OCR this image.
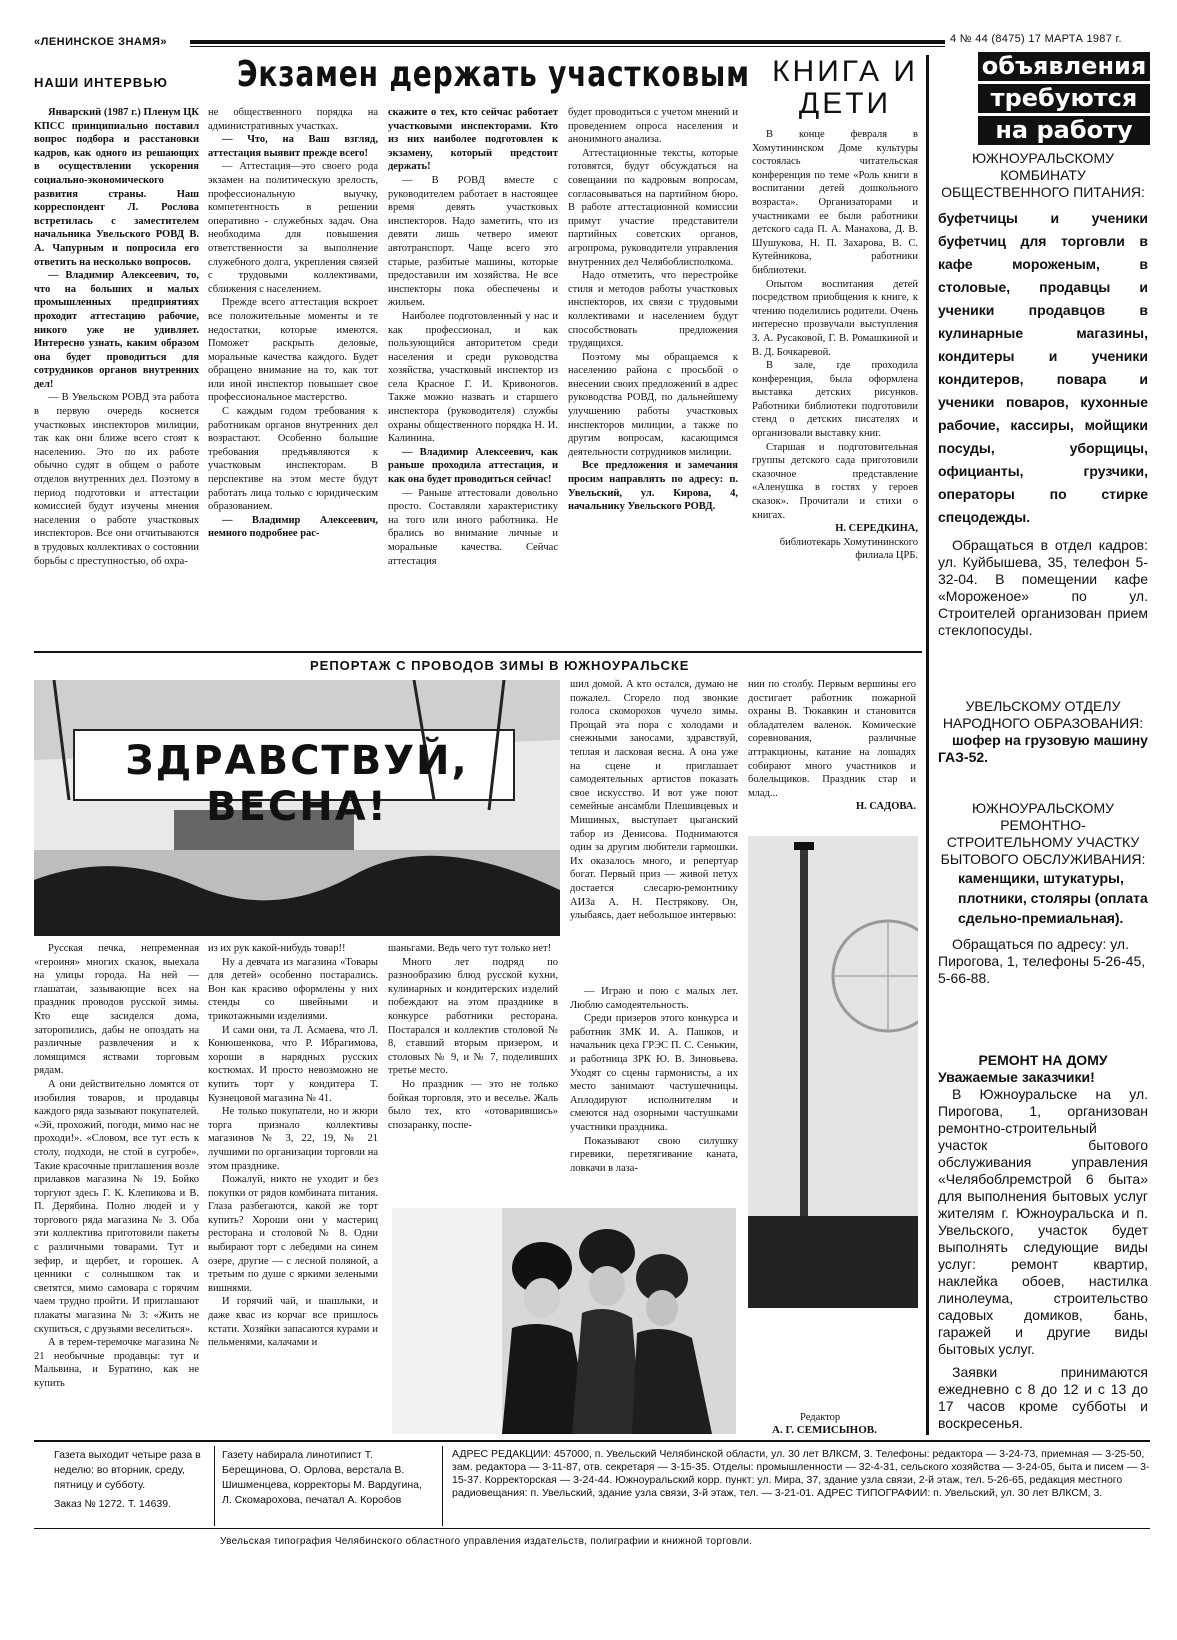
«ЛЕНИНСКОЕ ЗНАМЯ»	4 № 44 (8475) 17 МАРТА 1987 г.
НАШИ ИНТЕРВЬЮ Экзамен держать участковым

Январский (1987 г.) Пленум ЦК КПСС принципиально поставил вопрос подбора и расстановки кадров, как одного из решающих в осуществлении ускорения социально-экономического развития страны. Наш корреспондент Л. Рослова встретилась с заместителем начальника Увельского РОВД В. А. Чапурным и попросила его ответить на несколько вопросов.

— Владимир Алексеевич, то, что на больших и малых промышленных предприятиях проходит аттестацию рабочие, никого уже не удивляет. Интересно узнать, каким образом она будет проводиться для сотрудников органов внутренних дел!

— В Увельском РОВД эта работа в первую очередь коснется участковых инспекторов милиции, так как они ближе всего стоят к населению. Это по их работе обычно судят в общем о работе отделов внутренних дел. Поэтому в период подготовки и аттестации комиссией будут изучены мнения населения о работе участковых инспекторов. Все они отчитываются в трудовых коллективах о состоянии борьбы с преступностью, об охра-

не общественного порядка на административных участках.

— Что, на Ваш взгляд, аттестация выявит прежде всего!

— Аттестация—это своего рода экзамен на политическую зрелость, профессиональную выучку, компетентность в решении оперативно - служебных задач. Она необходима для повышения ответственности за выполнение служебного долга, укрепления связей с трудовыми коллективами, сближения с населением.

Прежде всего аттестация вскроет все положительные моменты и те недостатки, которые имеются. Поможет раскрыть деловые, моральные качества каждого. Будет обращено внимание на то, как тот или иной инспектор повышает свое профессиональное мастерство.

С каждым годом требования к работникам органов внутренних дел возрастают. Особенно большие требования предъявляются к участковым инспекторам. В перспективе на этом месте будут работать лица только с юридическим образованием.

— Владимир Алексеевич, немного подробнее рас-

скажите о тех, кто сейчас работает участковыми инспекторами. Кто из них наиболее подготовлен к экзамену, который предстоит держать!

— В РОВД вместе с руководителем работает в настоящее время девять участковых инспекторов. Надо заметить, что из девяти лишь четверо имеют автотранспорт. Чаще всего это старые, разбитые машины, которые предоставили им хозяйства. Не все инспекторы пока обеспечены и жильем.

Наиболее подготовленный у нас и как профессионал, и как пользующийся авторитетом среди населения и среди руководства хозяйства, участковый инспектор из села Красное Г. И. Кривоногов. Также можно назвать и старшего инспектора (руководителя) службы охраны общественного порядка Н. И. Калинина.

— Владимир Алексеевич, как раньше проходила аттестация, и как она будет проводиться сейчас!

— Раньше аттестовали довольно просто. Составляли характеристику на того или иного работника. Не брались во внимание личные и моральные качества. Сейчас аттестация

будет проводиться с учетом мнений и проведением опроса населения и анонимного анализа.

Аттестационные тексты, которые готовятся, будут обсуждаться на совещании по кадровым вопросам, согласовываться на партийном бюро. В работе аттестационной комиссии примут участие представители партийных советских органов, агропрома, руководители управления внутренних дел Челябоблисполкома.

Надо отметить, что перестройке стиля и методов работы участковых инспекторов, их связи с трудовыми коллективами и населением будут способствовать предложения трудящихся.

Поэтому мы обращаемся к населению района с просьбой о внесении своих предложений в адрес руководства РОВД, по дальнейшему улучшению работы участковых инспекторов милиции, а также по другим вопросам, касающимся деятельности сотрудников милиции.

Все предложения и замечания просим направлять по адресу: п. Увельский, ул. Кирова, 4, начальнику Увельского РОВД.

КНИГА И ДЕТИ

В конце февраля в Хомутининском Доме культуры состоялась читательская конференция по теме «Роль книги в воспитании детей дошкольного возраста». Организаторами и участниками ее были работники детского сада П. А. Манахова, Д. В. Шушукова, Н. П. Захарова, В. С. Кутейникова, работники библиотеки.

Опытом воспитания детей посредством приобщения к книге, к чтению поделились родители. Очень интересно прозвучали выступления З. А. Русаковой, Г. В. Ромашкиной и В. Д. Бочкаревой.

В зале, где проходила конференция, была оформлена выставка детских рисунков. Работники библиотеки подготовили стенд о детских писателях и организовали выставку книг.

Старшая и подготовительная группы детского сада приготовили сказочное представление «Аленушка в гостях у героев сказок». Прочитали и стихи о книгах.

Н. СЕРЕДКИНА,

библиотекарь Хомутининского филиала ЦРБ.

объявления
требуются
на работу

ЮЖНОУРАЛЬСКОМУ КОМБИНАТУ ОБЩЕСТВЕННОГО ПИТАНИЯ:

буфетчицы и ученики буфетчиц для торговли в кафе мороженым, в столовые, продавцы и ученики продавцов в кулинарные магазины, кондитеры и ученики кондитеров, повара и ученики поваров, кухонные рабочие, кассиры, мойщики посуды, уборщицы, официанты, грузчики, операторы по стирке спецодежды.

Обращаться в отдел кадров: ул. Куйбышева, 35, телефон 5-32-04. В помещении кафе «Мороженое» по ул. Строителей организован прием стеклопосуды.

УВЕЛЬСКОМУ ОТДЕЛУ НАРОДНОГО ОБРАЗОВАНИЯ:

шофер на грузовую машину ГАЗ-52.

ЮЖНОУРАЛЬСКОМУ РЕМОНТНО-СТРОИТЕЛЬНОМУ УЧАСТКУ БЫТОВОГО ОБСЛУЖИВАНИЯ:

каменщики, штукатуры, плотники, столяры (оплата сдельно-премиальная).

Обращаться по адресу: ул. Пирогова, 1, телефоны 5-26-45, 5-66-88.

РЕМОНТ НА ДОМУ

Уважаемые заказчики!

В Южноуральске на ул. Пирогова, 1, организован ремонтно-строительный участок бытового обслуживания управления «Челябоблремстрой 6 быта» для выполнения бытовых услуг жителям г. Южноуральска и п. Увельского, участок будет выполнять следующие виды услуг: ремонт квартир, наклейка обоев, настилка линолеума, строительство садовых домиков, бань, гаражей и другие виды бытовых услуг.

Заявки принимаются ежедневно с 8 до 12 и с 13 до 17 часов кроме субботы и воскресенья.

РЕПОРТАЖ С ПРОВОДОВ ЗИМЫ В ЮЖНОУРАЛЬСКЕ
ЗДРАВСТВУЙ, ВЕСНА!

шил домой. А кто остался, думаю не пожалел. Сгорело под звонкие голоса скоморохов чучело зимы. Прощай эта пора с холодами и снежными заносами, здравствуй, теплая и ласковая весна. А она уже на сцене и приглашает самодеятельных артистов показать свое искусство. И вот уже поют семейные ансамбли Плешивцевых и Мишиных, выступает цыганский табор из Денисова. Поднимаются один за другим любители гармошки. Их оказалось много, и репертуар богат. Первый приз — живой петух достается слесарю-ремонтнику АИЗа А. Н. Пестрякову. Он, улыбаясь, дает небольшое интервью:

нии по столбу. Первым вершины его достигает работник пожарной охраны В. Тюкавкин и становится обладателем валенок. Комические соревнования, различные аттракционы, катание на лошадях собирают много участников и болельщиков. Праздник стар и млад...

Н. САДОВА.

Русская печка, непременная «героиня» многих сказок, выехала на улицы города. На ней — глашатаи, зазывающие всех на праздник проводов русской зимы. Кто еще засиделся дома, заторопились, дабы не опоздать на различные развлечения и к ломящимся яствами торговым рядам.

А они действительно ломятся от изобилия товаров, и продавцы каждого ряда зазывают покупателей. «Эй, прохожий, погоди, мимо нас не проходи!». «Словом, все тут есть к столу, подходи, не стой в сугробе». Такие красочные приглашения возле прилавков магазина № 19. Бойко торгуют здесь Г. К. Клепикова и В. П. Дерябина. Полно людей и у торгового ряда магазина № 3. Оба эти коллектива приготовили пакеты с различными товарами. Тут и зефир, и щербет, и горошек. А ценники с солнышком так и светятся, мимо самовара с горячим чаем трудно пройти. И приглашают плакаты магазина № 3: «Жить не скупиться, с друзьями веселиться».

А в терем-теремочке магазина № 21 необычные продавцы: тут и Мальвина, и Буратино, как не купить

из их рук какой-нибудь товар!!

Ну а девчата из магазина «Товары для детей» особенно постарались. Вон как красиво оформлены у них стенды со швейными и трикотажными изделиями.

И сами они, та Л. Асмаева, что Л. Конюшенкова, что Р. Ибрагимова, хороши в нарядных русских костюмах. И просто невозможно не купить торт у кондитера Т. Кузнецовой магазина № 41.

Не только покупатели, но и жюри торга признало коллективы магазинов № 3, 22, 19, № 21 лучшими по организации торговли на этом празднике.

Пожалуй, никто не уходит и без покупки от рядов комбината питания. Глаза разбегаются, какой же торт купить? Хороши они у мастериц ресторана и столовой № 8. Одни выбирают торт с лебедями на синем озере, другие — с лесной поляной, а третьим по душе с яркими зелеными вишнями.

И горячий чай, и шашлыки, и даже квас из корчаг все пришлось кстати. Хозяйки запасаются курами и пельменями, калачами и

шаньгами. Ведь чего тут только нет!

Много лет подряд по разнообразию блюд русской кухни, кулинарных и кондитерских изделий побеждают на этом празднике в конкурсе работники ресторана. Постарался и коллектив столовой № 8, ставший вторым призером, и столовых № 9, и № 7, поделивших третье место.

Но праздник — это не только бойкая торговля, это и веселье. Жаль было тех, кто «отоварившись» спозаранку, поспе-

— Играю и пою с малых лет. Люблю самодеятельность.

Среди призеров этого конкурса и работник ЗМК И. А. Пашков, и начальник цеха ГРЭС П. С. Сенькин, и работница ЗРК Ю. В. Зиновьева. Уходят со сцены гармонисты, а их место занимают частушечницы. Аплодируют исполнителям и смеются над озорными частушками участники праздника.

Показывают свою силушку гиревики, перетягивание каната, ловкачи в лаза-

Редактор
А. Г. СЕМИСЫНОВ.
Газета выходит четыре раза в неделю: во вторник, среду, пятницу и субботу.
Заказ № 1272. Т. 14639.
Газету набирала линотипист Т. Берещинова, О. Орлова, верстала В. Шишменцева, корректоры М. Вардугина, Л. Скомарохова, печатал А. Коробов
АДРЕС РЕДАКЦИИ: 457000, п. Увельский Челябинской области, ул. 30 лет ВЛКСМ, 3. Телефоны: редактора — 3-24-73, приемная — 3-25-50, зам. редактора — 3-11-87, отв. секретаря — 3-15-35. Отделы: промышленности — 32-4-31, сельского хозяйства — 3-24-05, быта и писем — 3-15-37. Корректорская — 3-24-44. Южноуральский корр. пункт: ул. Мира, 37, здание узла связи, 2-й этаж, тел. 5-26-65, редакция местного радиовещания: п. Увельский, здание узла связи, 3-й этаж, тел. — 3-21-01. АДРЕС ТИПОГРАФИИ: п. Увельский, ул. 30 лет ВЛКСМ, 3.
Увельская типография Челябинского областного управления издательств, полиграфии и книжной торговли.
